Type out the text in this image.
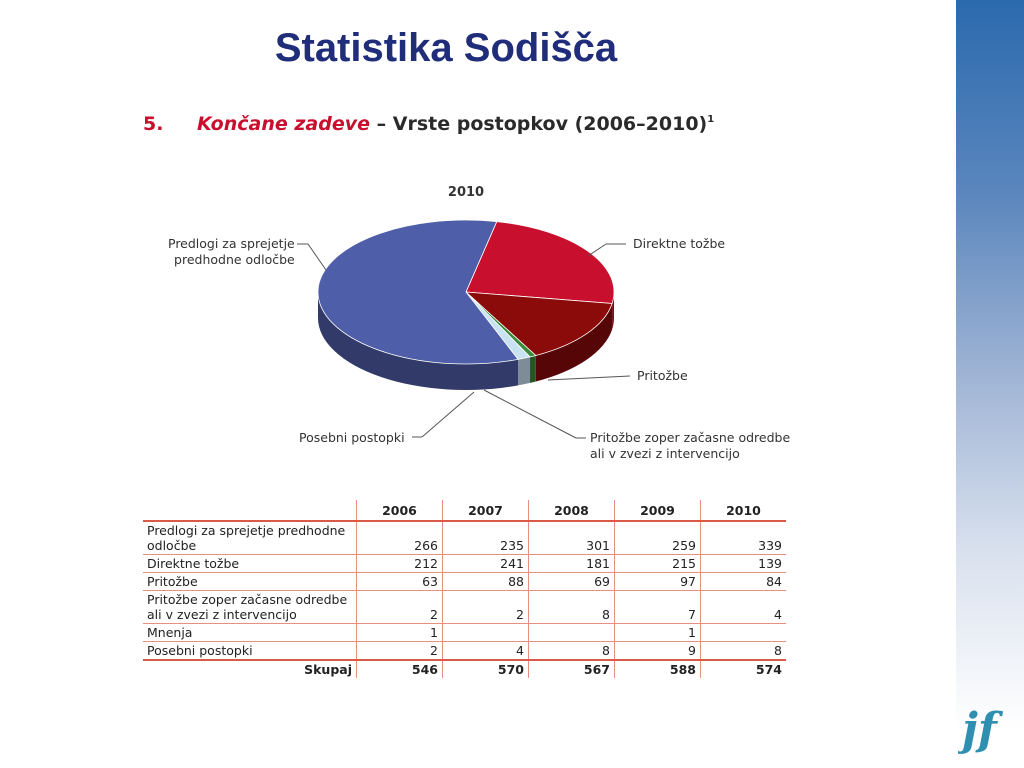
Statistika Sodišča
5. Končane zadeve – Vrste postopkov (2006–2010)$^1$
2010
Predlogi za sprejetje
predhodne odločbe
Direktne tožbe
Pritožbe
Pritožbe zoper začasne odredbe
ali v zvezi z intervencijo
Posebni postopki
	2006	2007	2008	2009	2010

Predlogi za sprejetje predhodne
odločbe	266	235	301	259	339

Direktne tožbe	212	241	181	215	139

Pritožbe	63	88	69	97	84

Pritožbe zoper začasne odredbe
ali v zvezi z intervencijo	2	2	8	7	4

Mnenja	1			1	

Posebni postopki	2	4	8	9	8
Skupaj	546	570	567	588	574
jf
